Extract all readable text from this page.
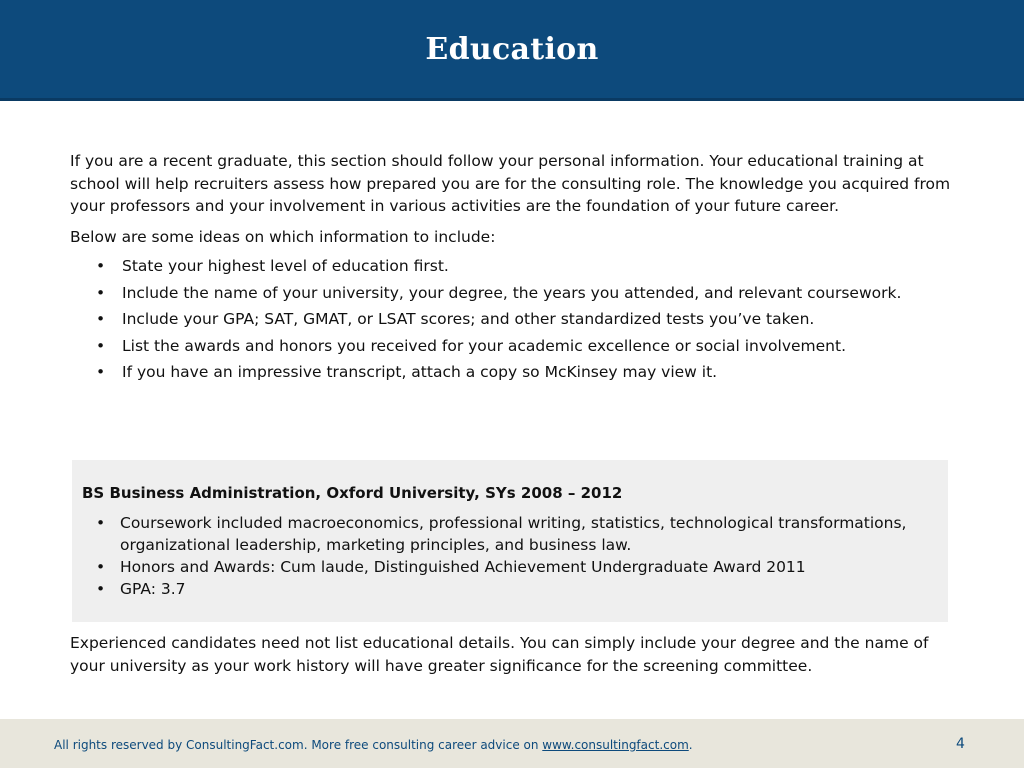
Education

If you are a recent graduate, this section should follow your personal information. Your educational training at school will help recruiters assess how prepared you are for the consulting role. The knowledge you acquired from your professors and your involvement in various activities are the foundation of your future career.

Below are some ideas on which information to include:

• State your highest level of education first.
• Include the name of your university, your degree, the years you attended, and relevant coursework.
• Include your GPA; SAT, GMAT, or LSAT scores; and other standardized tests you’ve taken.
• List the awards and honors you received for your academic excellence or social involvement.
• If you have an impressive transcript, attach a copy so McKinsey may view it.

BS Business Administration, Oxford University, SYs 2008 – 2012

• Coursework included macroeconomics, professional writing, statistics, technological transformations, organizational leadership, marketing principles, and business law.
• Honors and Awards: Cum laude, Distinguished Achievement Undergraduate Award 2011
• GPA: 3.7

Experienced candidates need not list educational details. You can simply include your degree and the name of your university as your work history will have greater significance for the screening committee.

All rights reserved by ConsultingFact.com. More free consulting career advice on www.consultingfact.com.	4
